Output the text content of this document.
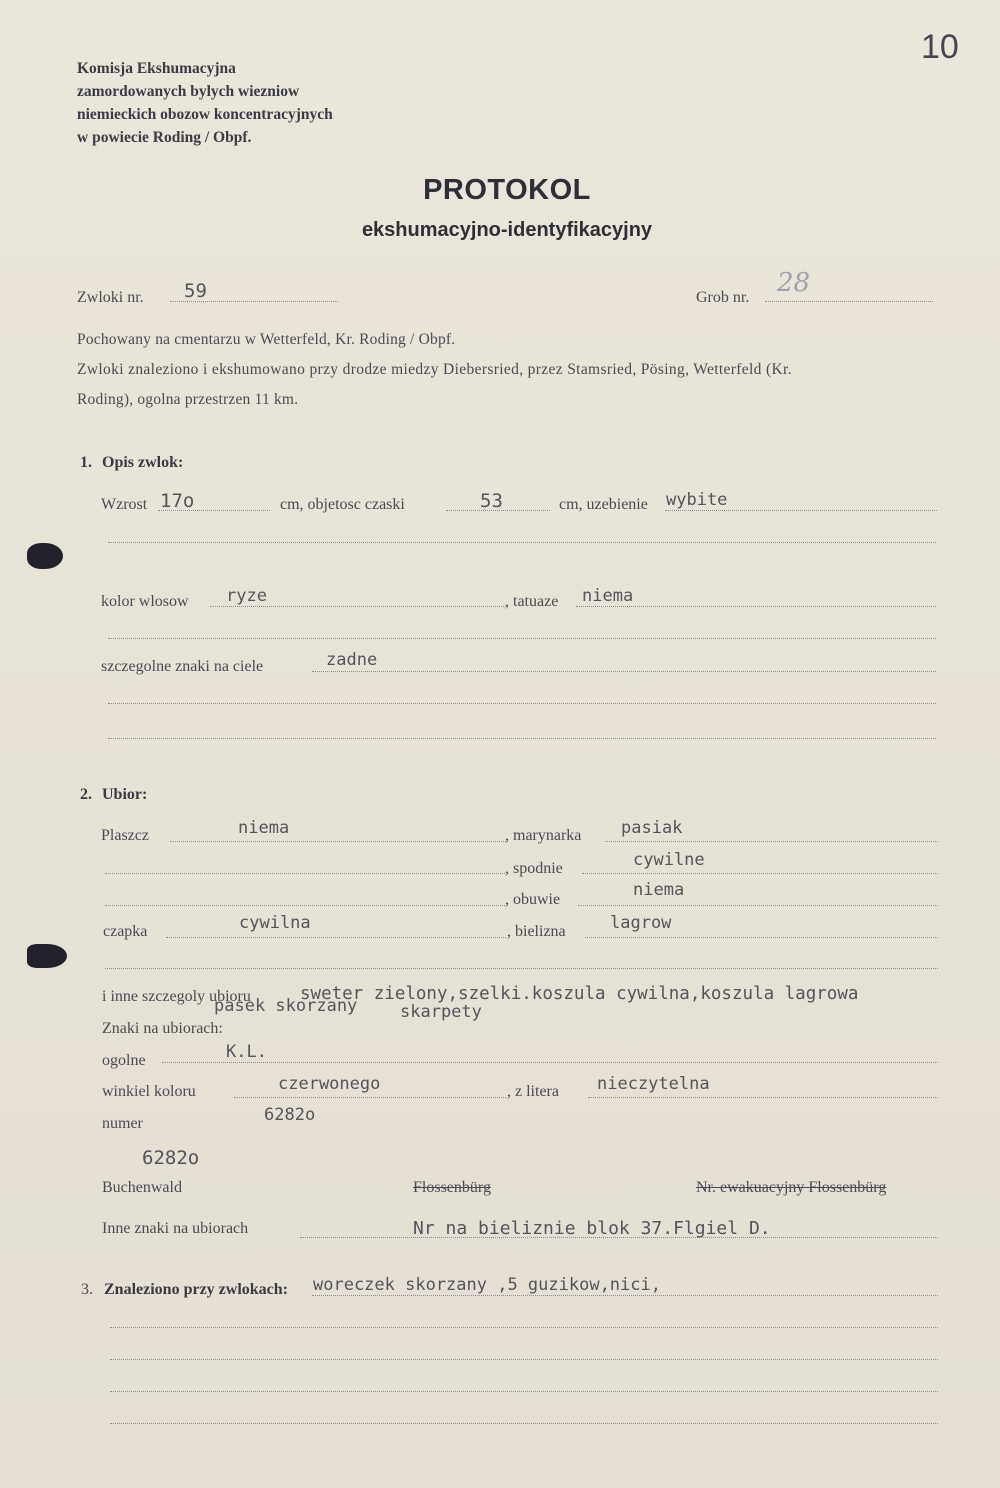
10
Komisja Ekshumacyjna
zamordowanych bylych wiezniow
niemieckich obozow koncentracyjnych
w powiecie Roding / Obpf.
PROTOKOL
ekshumacyjno-identyfikacyjny
Zwloki nr. 59	Grob nr. 28
Pochowany na cmentarzu w Wetterfeld, Kr. Roding / Obpf.
Zwloki znaleziono i ekshumowano przy drodze miedzy Diebersried, przez Stamsried, Pösing, Wetterfeld (Kr.
Roding), ogolna przestrzen 11 km.
1. Opis zwlok:
Wzrost 17o	cm, objetosc czaski	53	cm, uzebienie wybite
kolor wlosow ryze	, tatuaze niema
szczegolne znaki na ciele	zadne
2. Ubior:
Plaszcz	niema	, marynarka pasiak
, spodnie	cywilne
, obuwie	niema
czapka	cywilna	, bielizna	lagrow
i inne szczegoly ubioru	sweter zielony,szelki.koszula cywilna,koszula lagrowa
pasek skorzany	skarpety
Znaki na ubiorach:
ogolne	K.L.
winkiel koloru	czerwonego	, z litera nieczytelna
numer	6282o
6282o
Buchenwald	Flossenbürg	Nr. ewakuacyjny Flossenbürg
Inne znaki na ubiorach	Nr na bieliznie blok 37.Flgiel D.
3. Znaleziono przy zwlokach: woreczek skorzany ,5 guzikow,nici,
